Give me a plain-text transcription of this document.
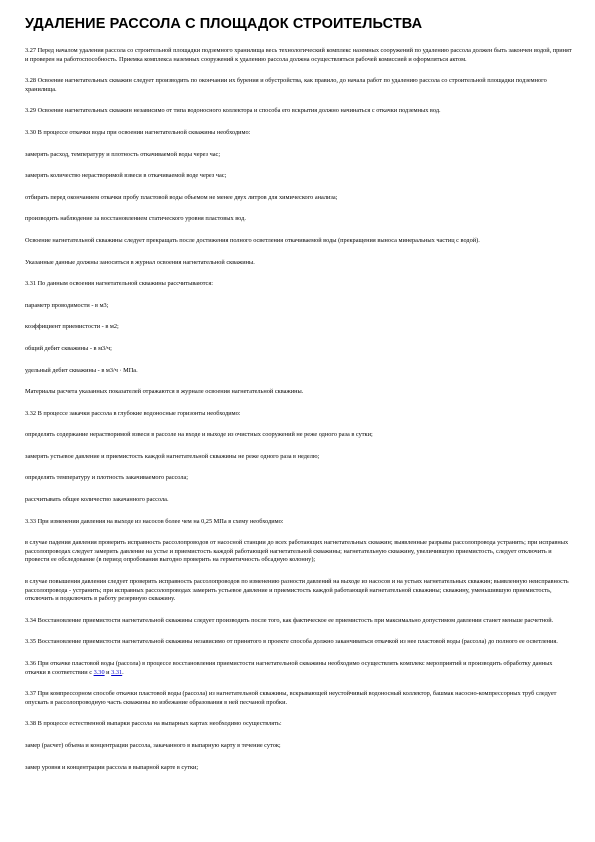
УДАЛЕНИЕ РАССОЛА С ПЛОЩАДОК СТРОИТЕЛЬСТВА

3.27 Перед началом удаления рассола со строительной площадки подземного хранилища весь технологический комплекс наземных сооружений по удалению рассола должен быть закончен водой, принят и проверен на работоспособность. Приемка комплекса наземных сооружений к удалению рассола должна осуществляться рабочей комиссией и оформляться актом.

3.28 Освоение нагнетательных скважин следует производить по окончании их бурения и обустройства, как правило, до начала работ по удалению рассола со строительной площадки подземного хранилища.

3.29 Освоение нагнетательных скважин независимо от типа водоносного коллектора и способа его вскрытия должно начинаться с откачки подземных вод.

3.30 В процессе откачки воды при освоении нагнетательной скважины необходимо:

замерять расход, температуру и плотность откачиваемой воды через час;

замерять количество нерастворимой взвеси в откачиваемой воде через час;

отбирать перед окончанием откачки пробу пластовой воды объемом не менее двух литров для химического анализа;

производить наблюдение за восстановлением статического уровня пластовых вод.

Освоение нагнетательной скважины следует прекращать после достижения полного осветления откачиваемой воды (прекращения выноса минеральных частиц с водой).

Указанные данные должны заноситься в журнал освоения нагнетательной скважины.

3.31 По данным освоения нагнетательной скважины рассчитываются:

параметр проводимости - в м3;

коэффициент приемистости - в м2;

общий дебит скважины - в м3/ч;

удельный дебит скважины - в м3/ч · МПа.

Материалы расчета указанных показателей отражаются в журнале освоения нагнетательной скважины.

3.32 В процессе закачки рассола в глубокие водоносные горизонты необходимо:

определять содержание нерастворимой взвеси в рассоле на входе и выходе из очистных сооружений не реже одного раза в сутки;

замерять устьевое давление и приемистость каждой нагнетательной скважины не реже одного раза в неделю;

определять температуру и плотность закачиваемого рассола;

рассчитывать общее количество закачанного рассола.

3.33 При изменении давления на выходе из насосов более чем на 0,25 МПа в схему необходимо:

в случае падения давления проверить исправность рассолопроводов от насосной станции до всех работающих нагнетательных скважин; выявленные разрывы рассолопровода устранить; при исправных рассолопроводах следует замерить давление на устье и приемистость каждой работающей нагнетательной скважины; нагнетательную скважину, увеличившую приемистость, следует отключить и провести ее обследование (в период опробования выгодно проверить на герметичность обсадную колонну);

в случае повышения давления следует проверить исправность рассолопроводов по изменению разности давлений на выходе из насосов и на устьях нагнетательных скважин; выявленную неисправность рассолопровода - устранить; при исправных рассолопроводах замерить устьевое давление и приемистость каждой работающей нагнетательной скважины; скважину, уменьшившую приемистость, отключить и подключить в работу резервную скважину.

3.34 Восстановление приемистости нагнетательной скважины следует производить после того, как фактическое ее приемистость при максимально допустимом давлении станет меньше расчетной.

3.35 Восстановление приемистости нагнетательной скважины независимо от принятого в проекте способа должно заканчиваться откачкой из нее пластовой воды (рассола) до полного ее осветления.

3.36 При откачке пластовой воды (рассола) в процессе восстановления приемистости нагнетательной скважины необходимо осуществлять комплекс мероприятий и производить обработку данных откачки в соответствии с 3.30 и 3.31.

3.37 При компрессорном способе откачки пластовой воды (рассола) из нагнетательной скважины, вскрывающей неустойчивый водоносный коллектор, башмак насосно-компрессорных труб следует опускать в рассолопроводную часть скважины во избежание образования в ней песчаной пробки.

3.38 В процессе естественной выпарки рассола на выпарных картах необходимо осуществлять:

замер (расчет) объема и концентрации рассола, закачанного в выпарную карту в течение суток;

замер уровня и концентрации рассола в выпарной карте в сутки;
